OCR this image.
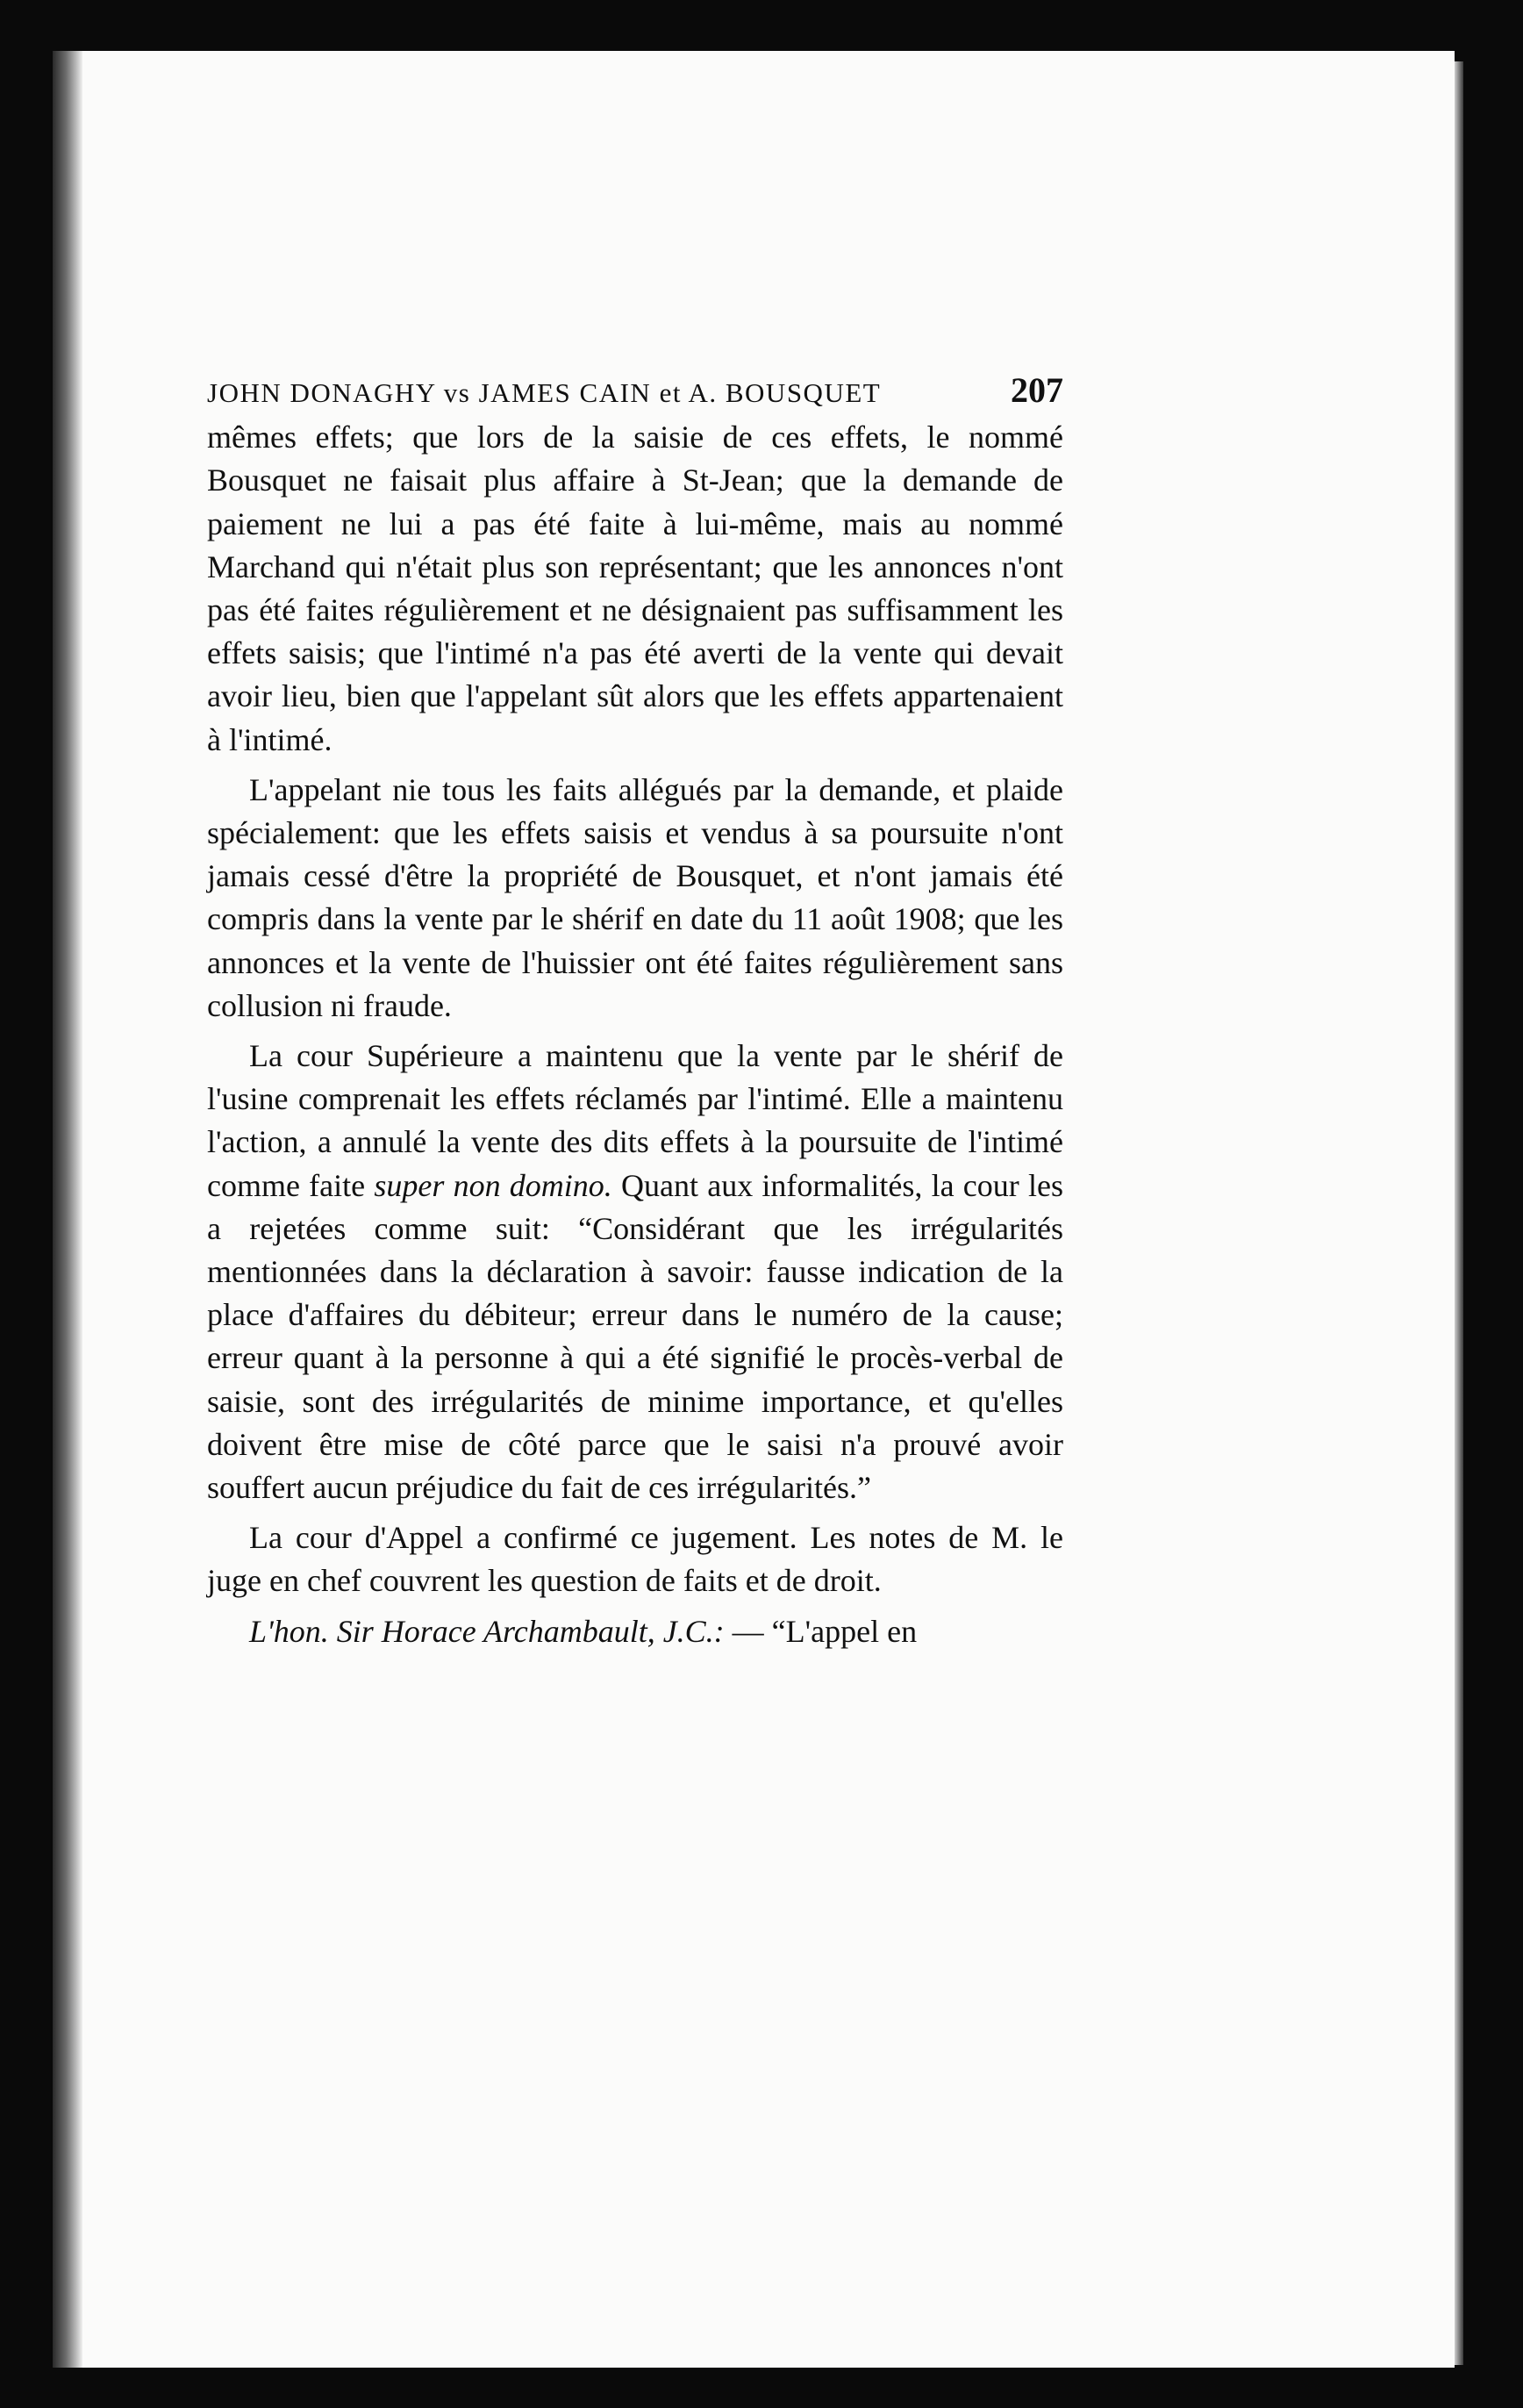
JOHN DONAGHY vs JAMES CAIN et A. BOUSQUET	207

mêmes effets; que lors de la saisie de ces effets, le nommé Bousquet ne faisait plus affaire à St-Jean; que la demande de paiement ne lui a pas été faite à lui-même, mais au nommé Marchand qui n'était plus son représentant; que les annonces n'ont pas été faites régulièrement et ne désignaient pas suffisamment les effets saisis; que l'intimé n'a pas été averti de la vente qui devait avoir lieu, bien que l'appelant sût alors que les effets appartenaient à l'intimé.

L'appelant nie tous les faits allégués par la demande, et plaide spécialement: que les effets saisis et vendus à sa poursuite n'ont jamais cessé d'être la propriété de Bousquet, et n'ont jamais été compris dans la vente par le shérif en date du 11 août 1908; que les annonces et la vente de l'huissier ont été faites régulièrement sans collusion ni fraude.

La cour Supérieure a maintenu que la vente par le shérif de l'usine comprenait les effets réclamés par l'intimé. Elle a maintenu l'action, a annulé la vente des dits effets à la poursuite de l'intimé comme faite super non domino. Quant aux informalités, la cour les a rejetées comme suit: “Considérant que les irrégularités mentionnées dans la déclaration à savoir: fausse indication de la place d'affaires du débiteur; erreur dans le numéro de la cause; erreur quant à la personne à qui a été signifié le procès-verbal de saisie, sont des irrégularités de minime importance, et qu'elles doivent être mise de côté parce que le saisi n'a prouvé avoir souffert aucun préjudice du fait de ces irrégularités.”

La cour d'Appel a confirmé ce jugement. Les notes de M. le juge en chef couvrent les question de faits et de droit.

L'hon. Sir Horace Archambault, J.C.: — “L'appel en
